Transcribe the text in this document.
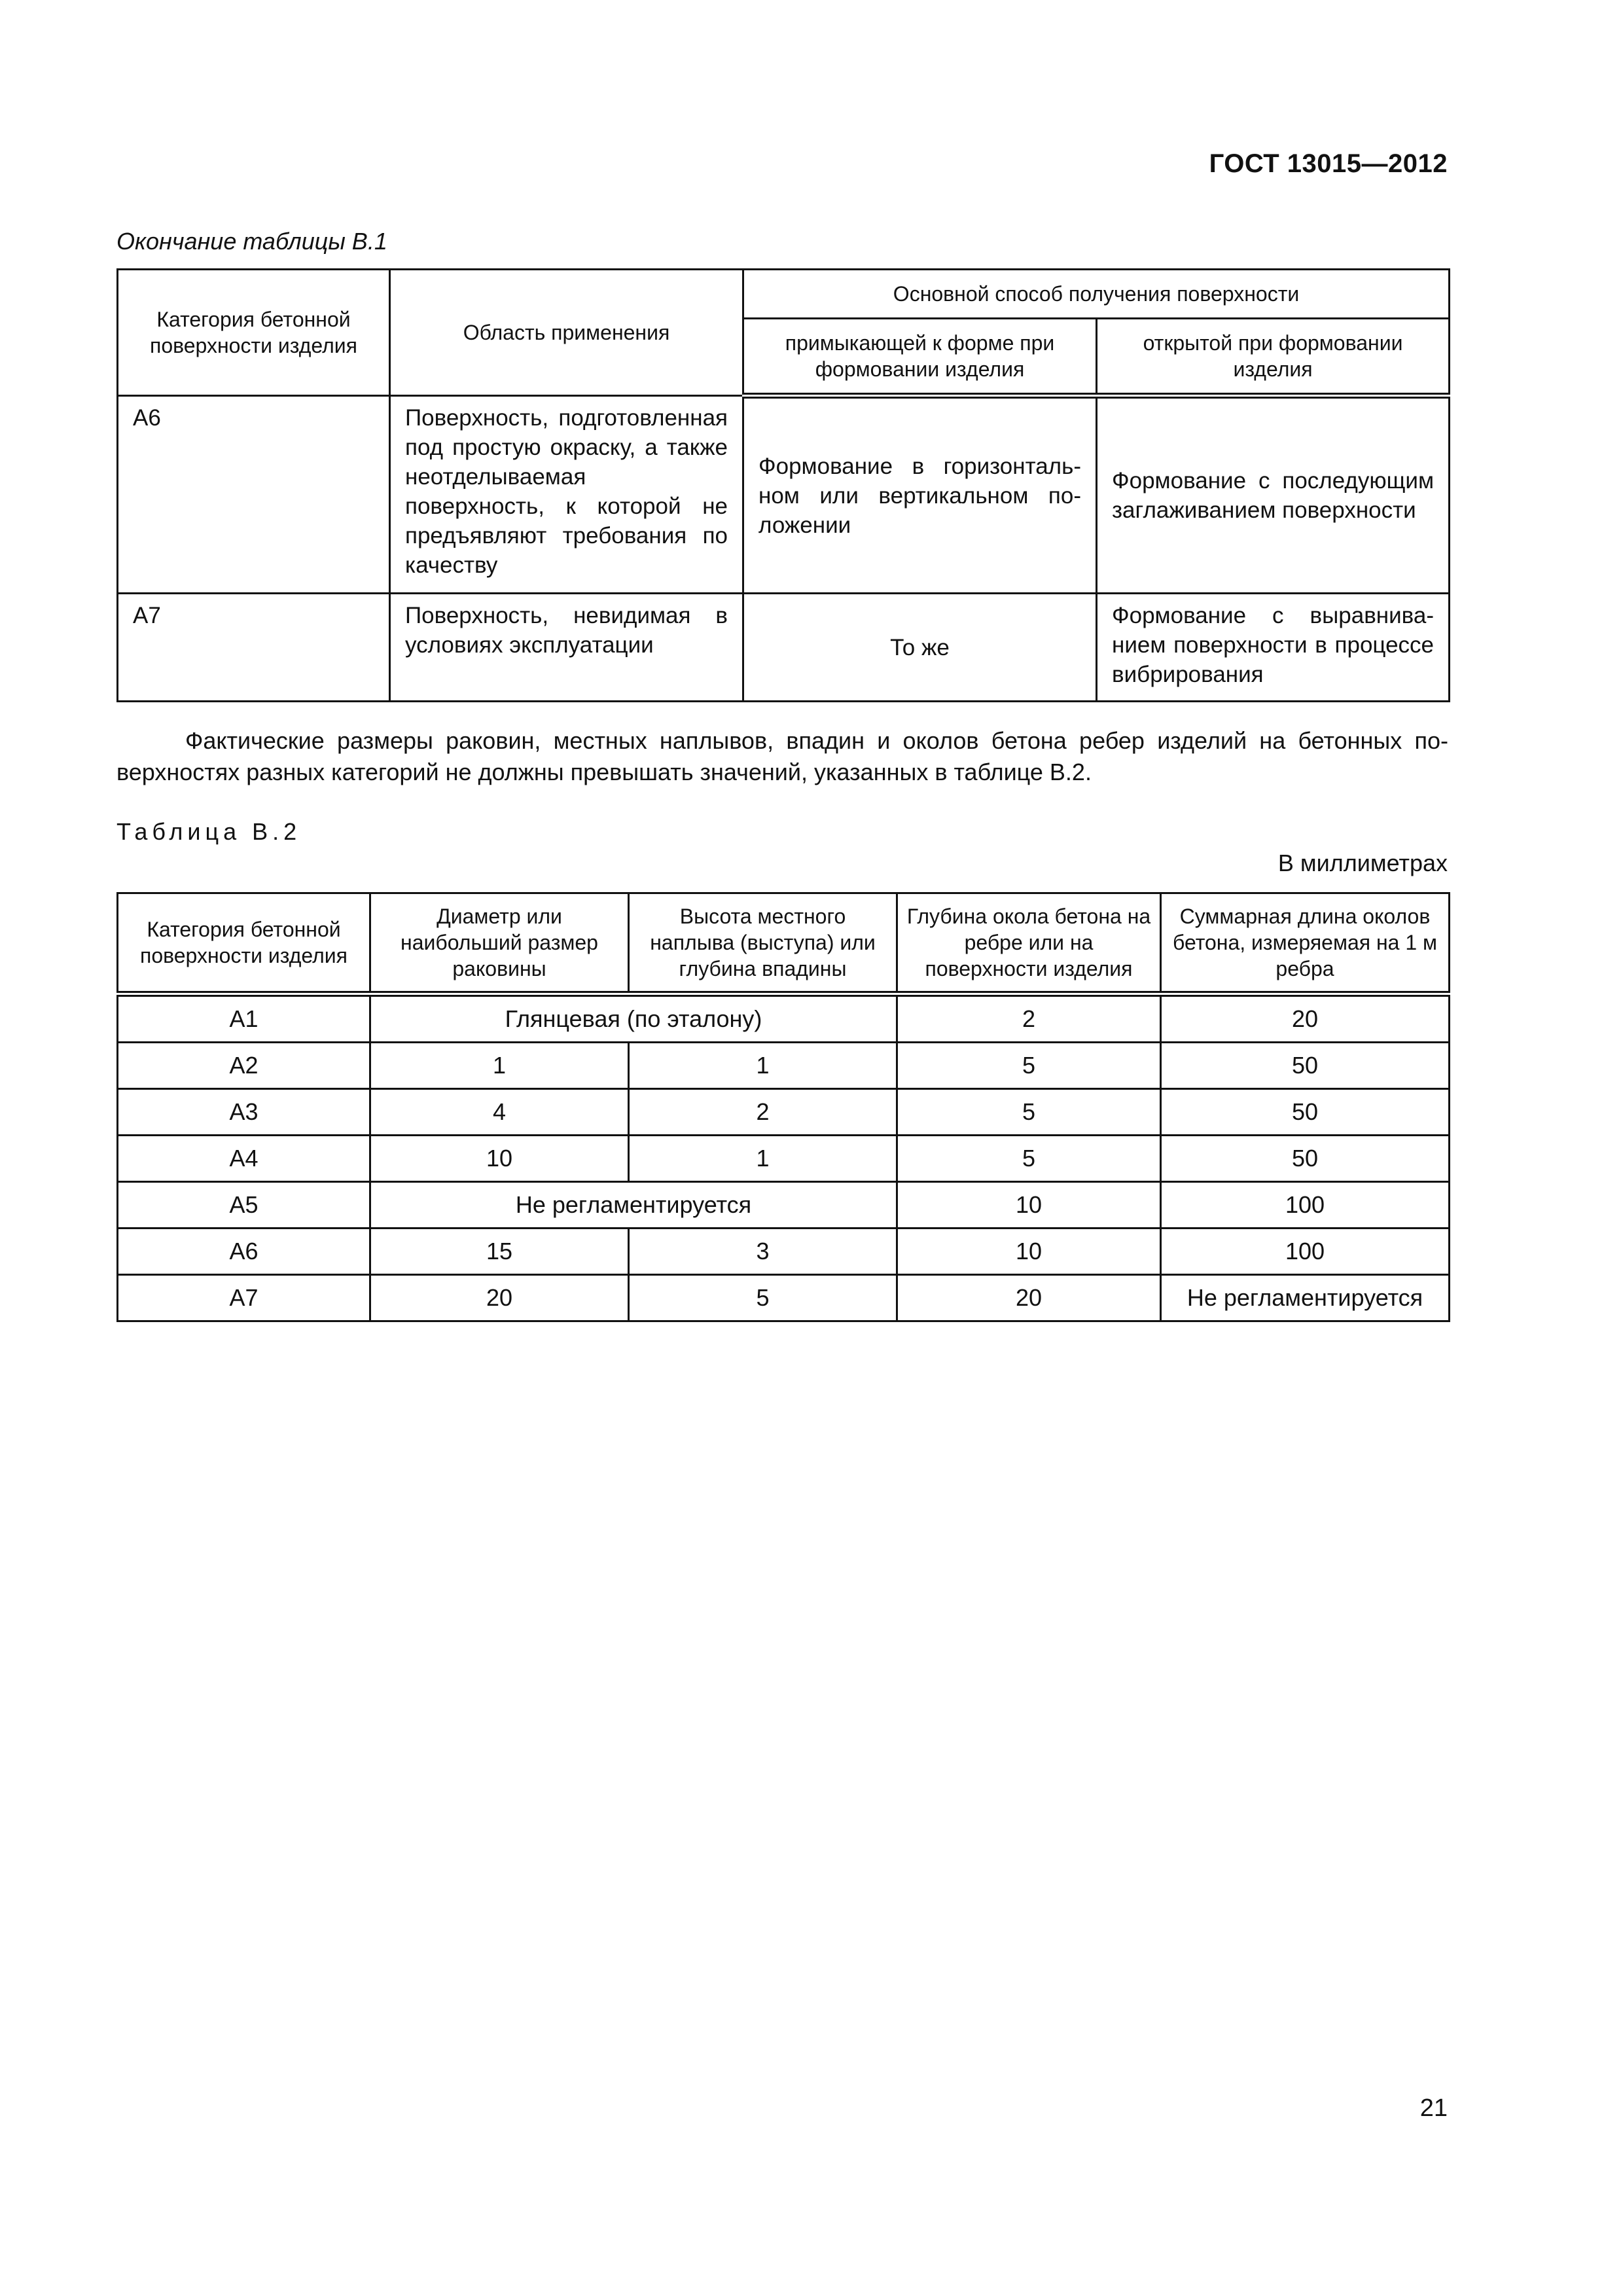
ГОСТ 13015—2012
Окончание таблицы В.1
Категория бетонной поверхности изделия	Область применения	Основной способ получения поверхности	
		примыкающей к форме при формовании изделия	открытой при формовании изделия
А6	Поверхность, подготовленная под простую окраску, а также неотделываемая поверхность, к которой не предъявляют требования по качеству	Формование в горизонтальном или вертикальном положении	Формование с последующим заглаживанием поверхности
А7	Поверхность, невидимая в условиях эксплуатации	То же	Формование с выравниванием поверхности в процессе вибрирования
Фактические размеры раковин, местных наплывов, впадин и околов бетона ребер изделий на бетонных поверхностях разных категорий не должны превышать значений, указанных в таблице В.2.
Таблица В.2
В миллиметрах
Категория бетонной поверхности изделия	Диаметр или наибольший размер раковины	Высота местного наплыва (выступа) или глубина впадины	Глубина окола бетона на ребре или на поверхности изделия	Суммарная длина околов бетона, измеряемая на 1 м ребра
А1	Глянцевая (по эталону)		2	20
А2	1	1	5	50
А3	4	2	5	50
А4	10	1	5	50
А5	Не регламентируется		10	100
А6	15	3	10	100
А7	20	5	20	Не регламентируется
21
